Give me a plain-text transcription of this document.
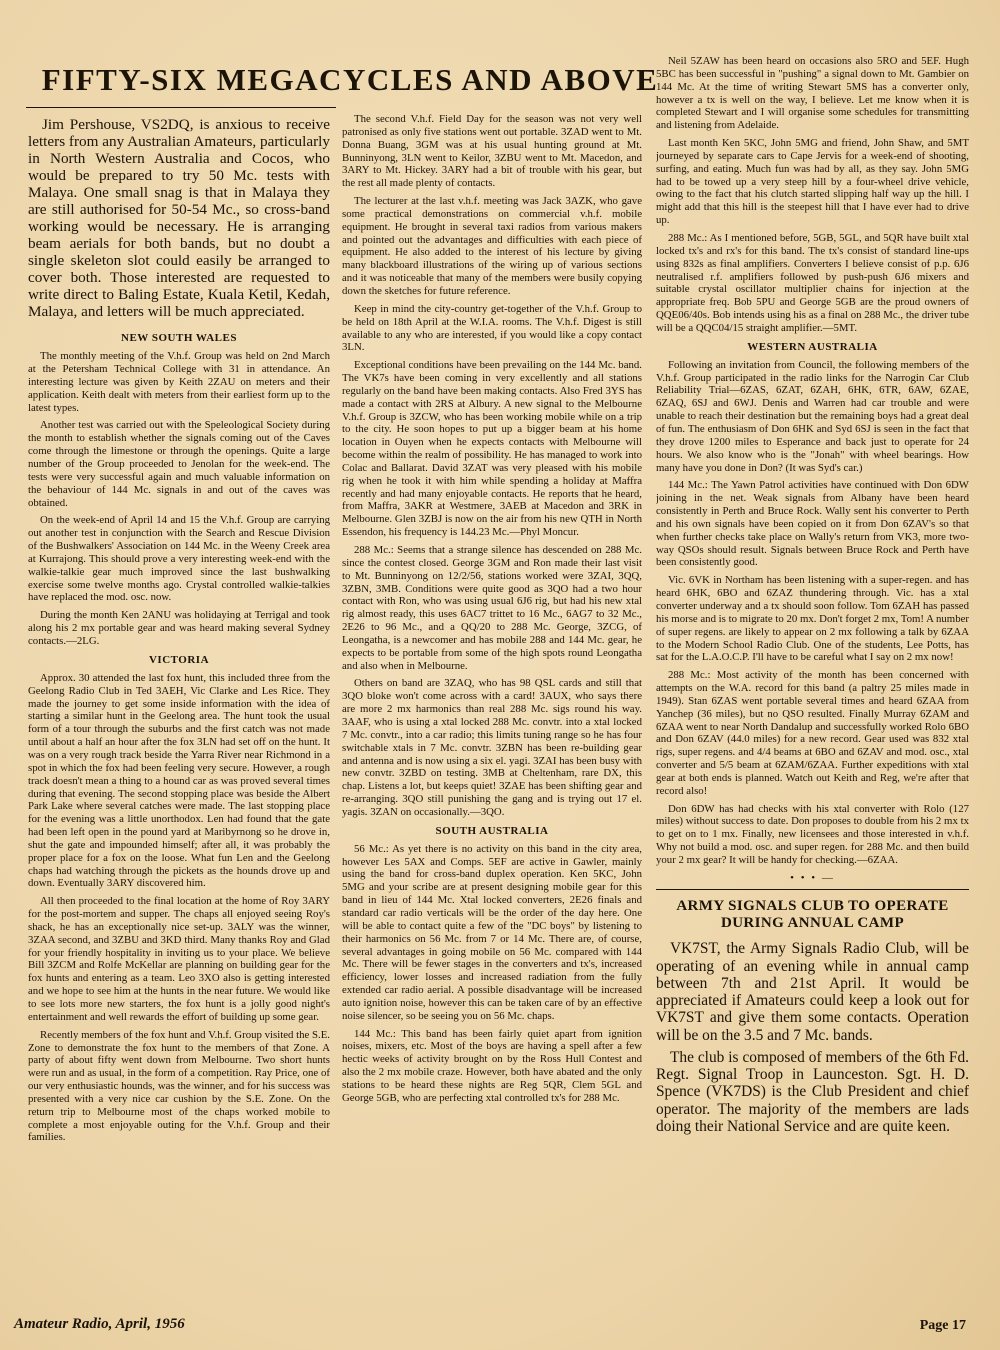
FIFTY-SIX MEGACYCLES AND ABOVE

Jim Pershouse, VS2DQ, is anxious to receive letters from any Australian Amateurs, particularly in North Western Australia and Cocos, who would be prepared to try 50 Mc. tests with Malaya. One small snag is that in Malaya they are still authorised for 50-54 Mc., so cross-band working would be necessary. He is arranging beam aerials for both bands, but no doubt a single skeleton slot could easily be arranged to cover both. Those interested are requested to write direct to Baling Estate, Kuala Ketil, Kedah, Malaya, and letters will be much appreciated.

NEW SOUTH WALES

The monthly meeting of the V.h.f. Group was held on 2nd March at the Petersham Technical College with 31 in attendance. An interesting lecture was given by Keith 2ZAU on meters and their application. Keith dealt with meters from their earliest form up to the latest types.

Another test was carried out with the Speleological Society during the month to establish whether the signals coming out of the Caves come through the limestone or through the openings. Quite a large number of the Group proceeded to Jenolan for the week-end. The tests were very successful again and much valuable information on the behaviour of 144 Mc. signals in and out of the caves was obtained.

On the week-end of April 14 and 15 the V.h.f. Group are carrying out another test in conjunction with the Search and Rescue Division of the Bushwalkers' Association on 144 Mc. in the Weeny Creek area at Kurrajong. This should prove a very interesting week-end with the walkie-talkie gear much improved since the last bushwalking exercise some twelve months ago. Crystal controlled walkie-talkies have replaced the mod. osc. now.

During the month Ken 2ANU was holidaying at Terrigal and took along his 2 mx portable gear and was heard making several Sydney contacts.—2LG.

VICTORIA

Approx. 30 attended the last fox hunt, this included three from the Geelong Radio Club in Ted 3AEH, Vic Clarke and Les Rice. They made the journey to get some inside information with the idea of starting a similar hunt in the Geelong area. The hunt took the usual form of a tour through the suburbs and the first catch was not made until about a half an hour after the fox 3LN had set off on the hunt. It was on a very rough track beside the Yarra River near Richmond in a spot in which the fox had been feeling very secure. However, a rough track doesn't mean a thing to a hound car as was proved several times during that evening. The second stopping place was beside the Albert Park Lake where several catches were made. The last stopping place for the evening was a little unorthodox. Len had found that the gate had been left open in the pound yard at Maribyrnong so he drove in, shut the gate and impounded himself; after all, it was probably the proper place for a fox on the loose. What fun Len and the Geelong chaps had watching through the pickets as the hounds drove up and down. Eventually 3ARY discovered him.

All then proceeded to the final location at the home of Roy 3ARY for the post-mortem and supper. The chaps all enjoyed seeing Roy's shack, he has an exceptionally nice set-up. 3ALY was the winner, 3ZAA second, and 3ZBU and 3KD third. Many thanks Roy and Glad for your friendly hospitality in inviting us to your place. We believe Bill 3ZCM and Rolfe McKellar are planning on building gear for the fox hunts and entering as a team. Leo 3XO also is getting interested and we hope to see him at the hunts in the near future. We would like to see lots more new starters, the fox hunt is a jolly good night's entertainment and well rewards the effort of building up some gear.

Recently members of the fox hunt and V.h.f. Group visited the S.E. Zone to demonstrate the fox hunt to the members of that Zone. A party of about fifty went down from Melbourne. Two short hunts were run and as usual, in the form of a competition. Ray Price, one of our very enthusiastic hounds, was the winner, and for his success was presented with a very nice car cushion by the S.E. Zone. On the return trip to Melbourne most of the chaps worked mobile to complete a most enjoyable outing for the V.h.f. Group and their families.

The second V.h.f. Field Day for the season was not very well patronised as only five stations went out portable. 3ZAD went to Mt. Donna Buang, 3GM was at his usual hunting ground at Mt. Bunninyong, 3LN went to Keilor, 3ZBU went to Mt. Macedon, and 3ARY to Mt. Hickey. 3ARY had a bit of trouble with his gear, but the rest all made plenty of contacts.

The lecturer at the last v.h.f. meeting was Jack 3AZK, who gave some practical demonstrations on commercial v.h.f. mobile equipment. He brought in several taxi radios from various makers and pointed out the advantages and difficulties with each piece of equipment. He also added to the interest of his lecture by giving many blackboard illustrations of the wiring up of various sections and it was noticeable that many of the members were busily copying down the sketches for future reference.

Keep in mind the city-country get-together of the V.h.f. Group to be held on 18th April at the W.I.A. rooms. The V.h.f. Digest is still available to any who are interested, if you would like a copy contact 3LN.

Exceptional conditions have been prevailing on the 144 Mc. band. The VK7s have been coming in very excellently and all stations regularly on the band have been making contacts. Also Fred 3YS has made a contact with 2RS at Albury. A new signal to the Melbourne V.h.f. Group is 3ZCW, who has been working mobile while on a trip to the city. He soon hopes to put up a bigger beam at his home location in Ouyen when he expects contacts with Melbourne will become within the realm of possibility. He has managed to work into Colac and Ballarat. David 3ZAT was very pleased with his mobile rig when he took it with him while spending a holiday at Maffra recently and had many enjoyable contacts. He reports that he heard, from Maffra, 3AKR at Westmere, 3AEB at Macedon and 3RK in Melbourne. Glen 3ZBJ is now on the air from his new QTH in North Essendon, his frequency is 144.23 Mc.—Phyl Moncur.

288 Mc.: Seems that a strange silence has descended on 288 Mc. since the contest closed. George 3GM and Ron made their last visit to Mt. Bunninyong on 12/2/56, stations worked were 3ZAI, 3QQ, 3ZBN, 3MB. Conditions were quite good as 3QO had a two hour contact with Ron, who was using usual 6J6 rig, but had his new xtal rig almost ready, this uses 6AC7 trittet to 16 Mc., 6AG7 to 32 Mc., 2E26 to 96 Mc., and a QQ/20 to 288 Mc. George, 3ZCG, of Leongatha, is a newcomer and has mobile 288 and 144 Mc. gear, he expects to be portable from some of the high spots round Leongatha and also when in Melbourne.

Others on band are 3ZAQ, who has 98 QSL cards and still that 3QO bloke won't come across with a card! 3AUX, who says there are more 2 mx harmonics than real 288 Mc. sigs round his way. 3AAF, who is using a xtal locked 288 Mc. convtr. into a xtal locked 7 Mc. convtr., into a car radio; this limits tuning range so he has four switchable xtals in 7 Mc. convtr. 3ZBN has been re-building gear and antenna and is now using a six el. yagi. 3ZAI has been busy with new convtr. 3ZBD on testing. 3MB at Cheltenham, rare DX, this chap. Listens a lot, but keeps quiet! 3ZAE has been shifting gear and re-arranging. 3QO still punishing the gang and is trying out 17 el. yagis. 3ZAN on occasionally.—3QO.

SOUTH AUSTRALIA

56 Mc.: As yet there is no activity on this band in the city area, however Les 5AX and Comps. 5EF are active in Gawler, mainly using the band for cross-band duplex operation. Ken 5KC, John 5MG and your scribe are at present designing mobile gear for this band in lieu of 144 Mc. Xtal locked converters, 2E26 finals and standard car radio verticals will be the order of the day here. One will be able to contact quite a few of the "DC boys" by listening to their harmonics on 56 Mc. from 7 or 14 Mc. There are, of course, several advantages in going mobile on 56 Mc. compared with 144 Mc. There will be fewer stages in the converters and tx's, increased efficiency, lower losses and increased radiation from the fully extended car radio aerial. A possible disadvantage will be increased auto ignition noise, however this can be taken care of by an effective noise silencer, so be seeing you on 56 Mc. chaps.

144 Mc.: This band has been fairly quiet apart from ignition noises, mixers, etc. Most of the boys are having a spell after a few hectic weeks of activity brought on by the Ross Hull Contest and also the 2 mx mobile craze. However, both have abated and the only stations to be heard these nights are Reg 5QR, Clem 5GL and George 5GB, who are perfecting xtal controlled tx's for 288 Mc.

Neil 5ZAW has been heard on occasions also 5RO and 5EF. Hugh 5BC has been successful in "pushing" a signal down to Mt. Gambier on 144 Mc. At the time of writing Stewart 5MS has a converter only, however a tx is well on the way, I believe. Let me know when it is completed Stewart and I will organise some schedules for transmitting and listening from Adelaide.

Last month Ken 5KC, John 5MG and friend, John Shaw, and 5MT journeyed by separate cars to Cape Jervis for a week-end of shooting, surfing, and eating. Much fun was had by all, as they say. John 5MG had to be towed up a very steep hill by a four-wheel drive vehicle, owing to the fact that his clutch started slipping half way up the hill. I might add that this hill is the steepest hill that I have ever had to drive up.

288 Mc.: As I mentioned before, 5GB, 5GL, and 5QR have built xtal locked tx's and rx's for this band. The tx's consist of standard line-ups using 832s as final amplifiers. Converters I believe consist of p.p. 6J6 neutralised r.f. amplifiers followed by push-push 6J6 mixers and suitable crystal oscillator multiplier chains for injection at the appropriate freq. Bob 5PU and George 5GB are the proud owners of QQE06/40s. Bob intends using his as a final on 288 Mc., the driver tube will be a QQC04/15 straight amplifier.—5MT.

WESTERN AUSTRALIA

Following an invitation from Council, the following members of the V.h.f. Group participated in the radio links for the Narrogin Car Club Reliability Trial—6ZAS, 6ZAT, 6ZAH, 6HK, 6TR, 6AW, 6ZAE, 6ZAQ, 6SJ and 6WJ. Denis and Warren had car trouble and were unable to reach their destination but the remaining boys had a great deal of fun. The enthusiasm of Don 6HK and Syd 6SJ is seen in the fact that they drove 1200 miles to Esperance and back just to operate for 24 hours. We also know who is the "Jonah" with wheel bearings. How many have you done in Don? (It was Syd's car.)

144 Mc.: The Yawn Patrol activities have continued with Don 6DW joining in the net. Weak signals from Albany have been heard consistently in Perth and Bruce Rock. Wally sent his converter to Perth and his own signals have been copied on it from Don 6ZAV's so that when further checks take place on Wally's return from VK3, more two-way QSOs should result. Signals between Bruce Rock and Perth have been consistently good.

Vic. 6VK in Northam has been listening with a super-regen. and has heard 6HK, 6BO and 6ZAZ thundering through. Vic. has a xtal converter underway and a tx should soon follow. Tom 6ZAH has passed his morse and is to migrate to 20 mx. Don't forget 2 mx, Tom! A number of super regens. are likely to appear on 2 mx following a talk by 6ZAA to the Modern School Radio Club. One of the students, Lee Potts, has sat for the L.A.O.C.P. I'll have to be careful what I say on 2 mx now!

288 Mc.: Most activity of the month has been concerned with attempts on the W.A. record for this band (a paltry 25 miles made in 1949). Stan 6ZAS went portable several times and heard 6ZAA from Yanchep (36 miles), but no QSO resulted. Finally Murray 6ZAM and 6ZAA went to near North Dandalup and successfully worked Rolo 6BO and Don 6ZAV (44.0 miles) for a new record. Gear used was 832 xtal rigs, super regens. and 4/4 beams at 6BO and 6ZAV and mod. osc., xtal converter and 5/5 beam at 6ZAM/6ZAA. Further expeditions with xtal gear at both ends is planned. Watch out Keith and Reg, we're after that record also!

Don 6DW has had checks with his xtal converter with Rolo (127 miles) without success to date. Don proposes to double from his 2 mx tx to get on to 1 mx. Finally, new licensees and those interested in v.h.f. Why not build a mod. osc. and super regen. for 288 Mc. and then build your 2 mx gear? It will be handy for checking.—6ZAA.

• • • —
ARMY SIGNALS CLUB TO OPERATE DURING ANNUAL CAMP

VK7ST, the Army Signals Radio Club, will be operating of an evening while in annual camp between 7th and 21st April. It would be appreciated if Amateurs could keep a look out for VK7ST and give them some contacts. Operation will be on the 3.5 and 7 Mc. bands.

The club is composed of members of the 6th Fd. Regt. Signal Troop in Launceston. Sgt. H. D. Spence (VK7DS) is the Club President and chief operator. The majority of the members are lads doing their National Service and are quite keen.

Amateur Radio, April, 1956	Page 17
